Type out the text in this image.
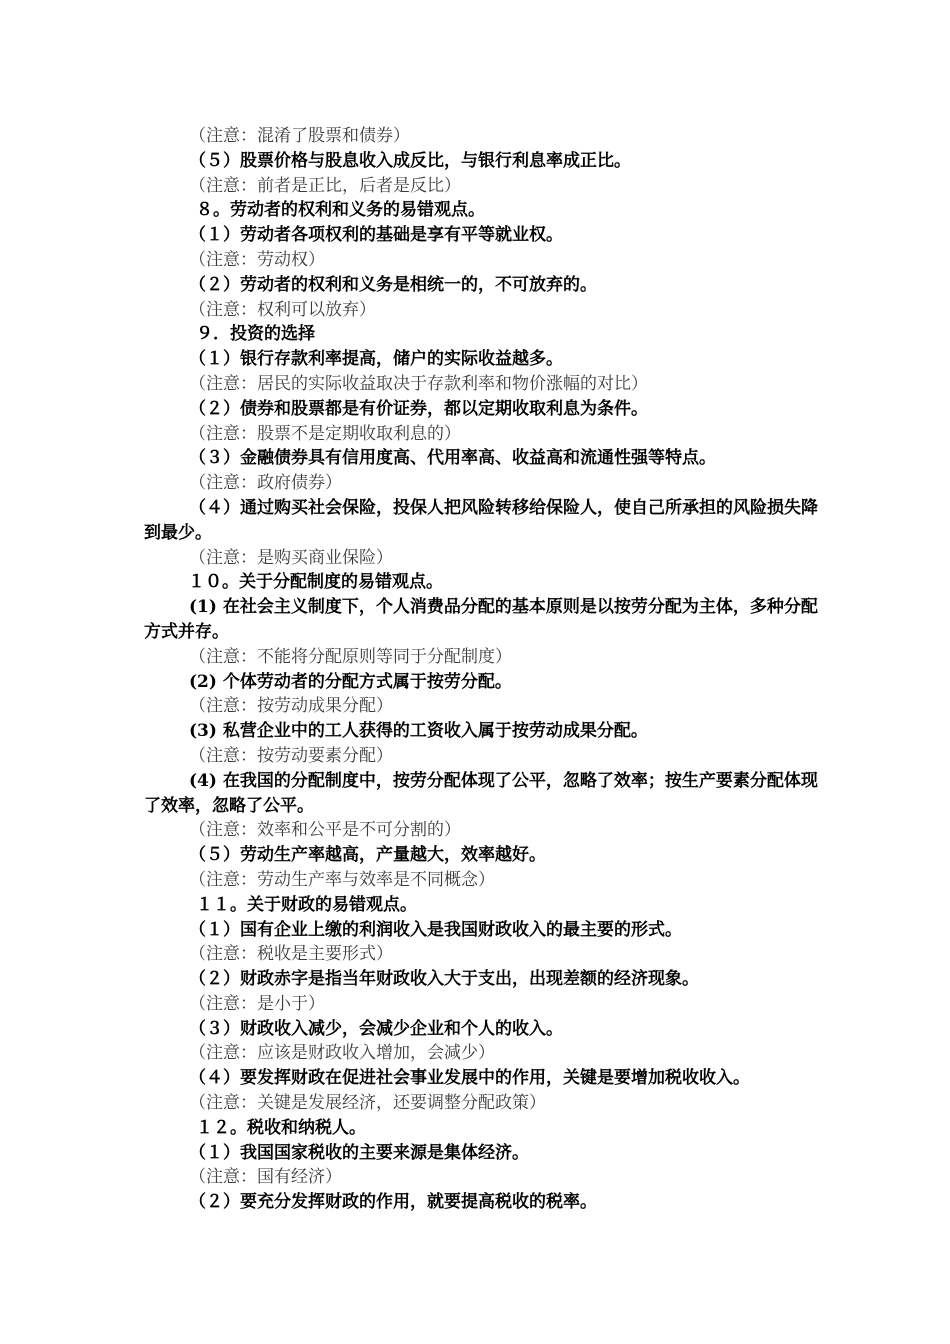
（注意：混淆了股票和债券）
（５）股票价格与股息收入成反比，与银行利息率成正比。
（注意：前者是正比，后者是反比）
８。劳动者的权利和义务的易错观点。
（１）劳动者各项权利的基础是享有平等就业权。
（注意：劳动权）
（２）劳动者的权利和义务是相统一的，不可放弃的。
（注意：权利可以放弃）
９．投资的选择
（１）银行存款利率提高，储户的实际收益越多。
（注意：居民的实际收益取决于存款利率和物价涨幅的对比）
（２）债券和股票都是有价证券，都以定期收取利息为条件。
（注意：股票不是定期收取利息的）
（３）金融债券具有信用度高、代用率高、收益高和流通性强等特点。
（注意：政府债券）
（４）通过购买社会保险，投保人把风险转移给保险人，使自己所承担的风险损失降到最少。
（注意：是购买商业保险）
１０。关于分配制度的易错观点。
(1) 在社会主义制度下，个人消费品分配的基本原则是以按劳分配为主体，多种分配方式并存。
（注意：不能将分配原则等同于分配制度）
(2) 个体劳动者的分配方式属于按劳分配。
（注意：按劳动成果分配）
(3) 私营企业中的工人获得的工资收入属于按劳动成果分配。
（注意：按劳动要素分配）
(4) 在我国的分配制度中，按劳分配体现了公平，忽略了效率；按生产要素分配体现了效率，忽略了公平。
（注意：效率和公平是不可分割的）
（５）劳动生产率越高，产量越大，效率越好。
（注意：劳动生产率与效率是不同概念）
１１。关于财政的易错观点。
（１）国有企业上缴的利润收入是我国财政收入的最主要的形式。
（注意：税收是主要形式）
（２）财政赤字是指当年财政收入大于支出，出现差额的经济现象。
（注意：是小于）
（３）财政收入减少，会减少企业和个人的收入。
（注意：应该是财政收入增加，会减少）
（４）要发挥财政在促进社会事业发展中的作用，关键是要增加税收收入。
（注意：关键是发展经济，还要调整分配政策）
１２。税收和纳税人。
（１）我国国家税收的主要来源是集体经济。
（注意：国有经济）
（２）要充分发挥财政的作用，就要提高税收的税率。
